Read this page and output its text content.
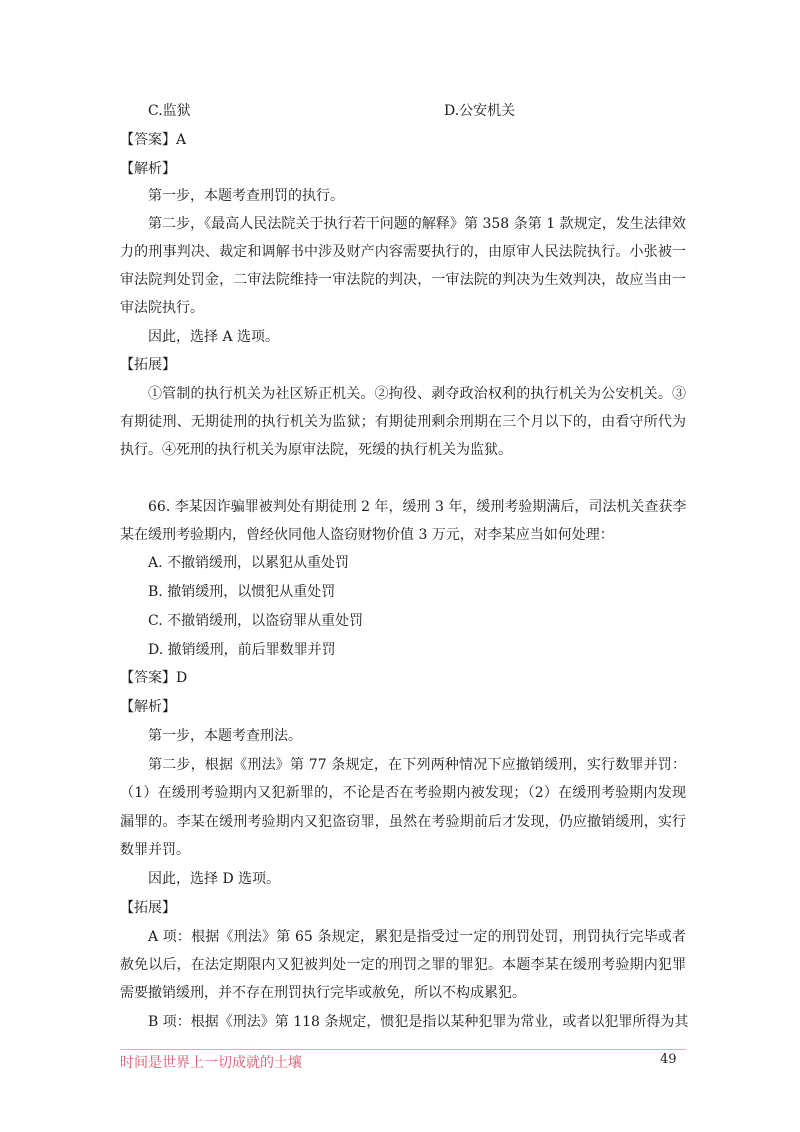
C.监狱	D.公安机关

【答案】A

【解析】

第一步，本题考查刑罚的执行。

第二步，《最高人民法院关于执行若干问题的解释》第 358 条第 1 款规定，发生法律效

力的刑事判决、裁定和调解书中涉及财产内容需要执行的，由原审人民法院执行。小张被一

审法院判处罚金，二审法院维持一审法院的判决，一审法院的判决为生效判决，故应当由一

审法院执行。

因此，选择 A 选项。

【拓展】

①管制的执行机关为社区矫正机关。②拘役、剥夺政治权利的执行机关为公安机关。③

有期徒刑、无期徒刑的执行机关为监狱；有期徒刑剩余刑期在三个月以下的，由看守所代为

执行。④死刑的执行机关为原审法院，死缓的执行机关为监狱。

66. 李某因诈骗罪被判处有期徒刑 2 年，缓刑 3 年，缓刑考验期满后，司法机关查获李

某在缓刑考验期内，曾经伙同他人盗窃财物价值 3 万元，对李某应当如何处理：

A. 不撤销缓刑，以累犯从重处罚

B. 撤销缓刑，以惯犯从重处罚

C. 不撤销缓刑，以盗窃罪从重处罚

D. 撤销缓刑，前后罪数罪并罚

【答案】D

【解析】

第一步，本题考查刑法。

第二步，根据《刑法》第 77 条规定，在下列两种情况下应撤销缓刑，实行数罪并罚：

（1）在缓刑考验期内又犯新罪的，不论是否在考验期内被发现；（2）在缓刑考验期内发现

漏罪的。李某在缓刑考验期内又犯盗窃罪，虽然在考验期前后才发现，仍应撤销缓刑，实行

数罪并罚。

因此，选择 D 选项。

【拓展】

A 项：根据《刑法》第 65 条规定，累犯是指受过一定的刑罚处罚，刑罚执行完毕或者

赦免以后，在法定期限内又犯被判处一定的刑罚之罪的罪犯。本题李某在缓刑考验期内犯罪

需要撤销缓刑，并不存在刑罚执行完毕或赦免，所以不构成累犯。

B 项：根据《刑法》第 118 条规定，惯犯是指以某种犯罪为常业，或者以犯罪所得为其

时间是世界上一切成就的土壤	49
